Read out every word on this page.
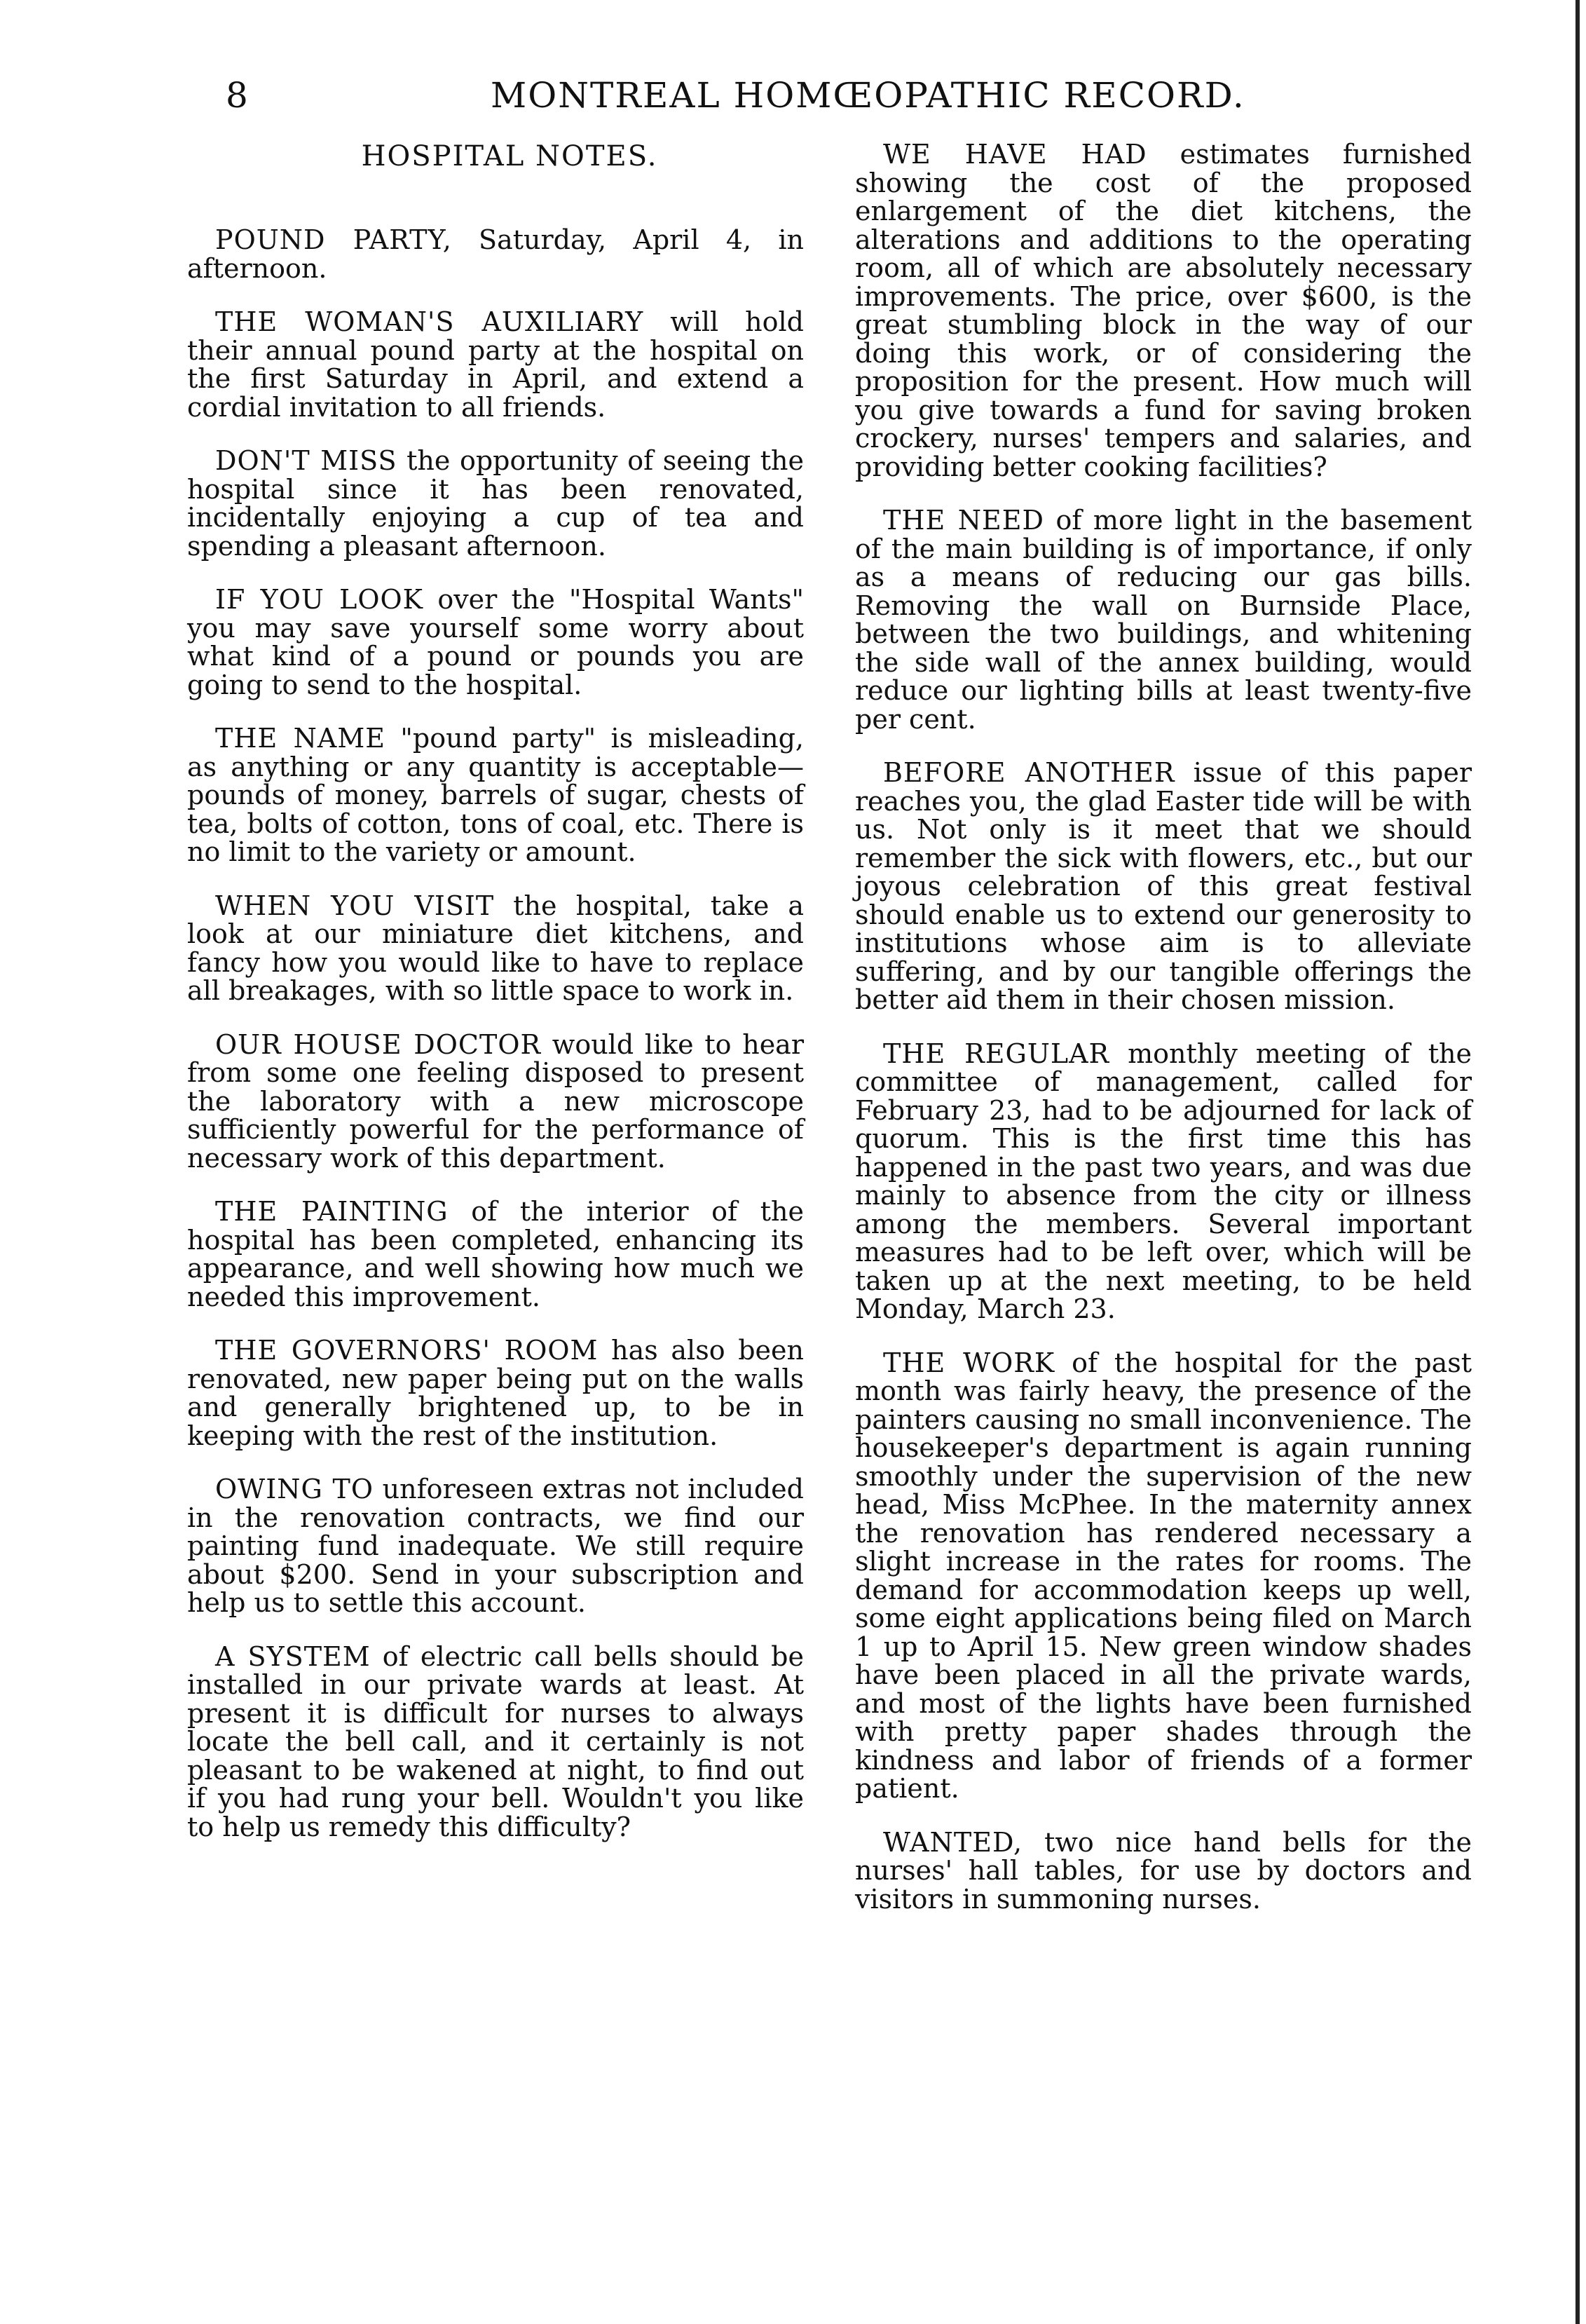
8	MONTREAL HOMŒOPATHIC RECORD.
HOSPITAL NOTES.

POUND PARTY, Saturday, April 4, in afternoon.

THE WOMAN'S AUXILIARY will hold their annual pound party at the hospital on the first Saturday in April, and extend a cordial invitation to all friends.

DON'T MISS the opportunity of seeing the hospital since it has been renovated, incidentally enjoying a cup of tea and spending a pleasant afternoon.

IF YOU LOOK over the "Hospital Wants" you may save yourself some worry about what kind of a pound or pounds you are going to send to the hospital.

THE NAME "pound party" is misleading, as anything or any quantity is acceptable—pounds of money, barrels of sugar, chests of tea, bolts of cotton, tons of coal, etc. There is no limit to the variety or amount.

WHEN YOU VISIT the hospital, take a look at our miniature diet kitchens, and fancy how you would like to have to replace all breakages, with so little space to work in.

OUR HOUSE DOCTOR would like to hear from some one feeling disposed to present the laboratory with a new microscope sufficiently powerful for the performance of necessary work of this department.

THE PAINTING of the interior of the hospital has been completed, enhancing its appearance, and well showing how much we needed this improvement.

THE GOVERNORS' ROOM has also been renovated, new paper being put on the walls and generally brightened up, to be in keeping with the rest of the institution.

OWING TO unforeseen extras not included in the renovation contracts, we find our painting fund inadequate. We still require about $200. Send in your subscription and help us to settle this account.

A SYSTEM of electric call bells should be installed in our private wards at least. At present it is difficult for nurses to always locate the bell call, and it certainly is not pleasant to be wakened at night, to find out if you had rung your bell. Wouldn't you like to help us remedy this difficulty?

WE HAVE HAD estimates furnished showing the cost of the proposed enlargement of the diet kitchens, the alterations and additions to the operating room, all of which are absolutely necessary improvements. The price, over $600, is the great stumbling block in the way of our doing this work, or of considering the proposition for the present. How much will you give towards a fund for saving broken crockery, nurses' tempers and salaries, and providing better cooking facilities?

THE NEED of more light in the basement of the main building is of importance, if only as a means of reducing our gas bills. Removing the wall on Burnside Place, between the two buildings, and whitening the side wall of the annex building, would reduce our lighting bills at least twenty-five per cent.

BEFORE ANOTHER issue of this paper reaches you, the glad Easter tide will be with us. Not only is it meet that we should remember the sick with flowers, etc., but our joyous celebration of this great festival should enable us to extend our generosity to institutions whose aim is to alleviate suffering, and by our tangible offerings the better aid them in their chosen mission.

THE REGULAR monthly meeting of the committee of management, called for February 23, had to be adjourned for lack of quorum. This is the first time this has happened in the past two years, and was due mainly to absence from the city or illness among the members. Several important measures had to be left over, which will be taken up at the next meeting, to be held Monday, March 23.

THE WORK of the hospital for the past month was fairly heavy, the presence of the painters causing no small inconvenience. The housekeeper's department is again running smoothly under the supervision of the new head, Miss McPhee. In the maternity annex the renovation has rendered necessary a slight increase in the rates for rooms. The demand for accommodation keeps up well, some eight applications being filed on March 1 up to April 15. New green window shades have been placed in all the private wards, and most of the lights have been furnished with pretty paper shades through the kindness and labor of friends of a former patient.

WANTED, two nice hand bells for the nurses' hall tables, for use by doctors and visitors in summoning nurses.
